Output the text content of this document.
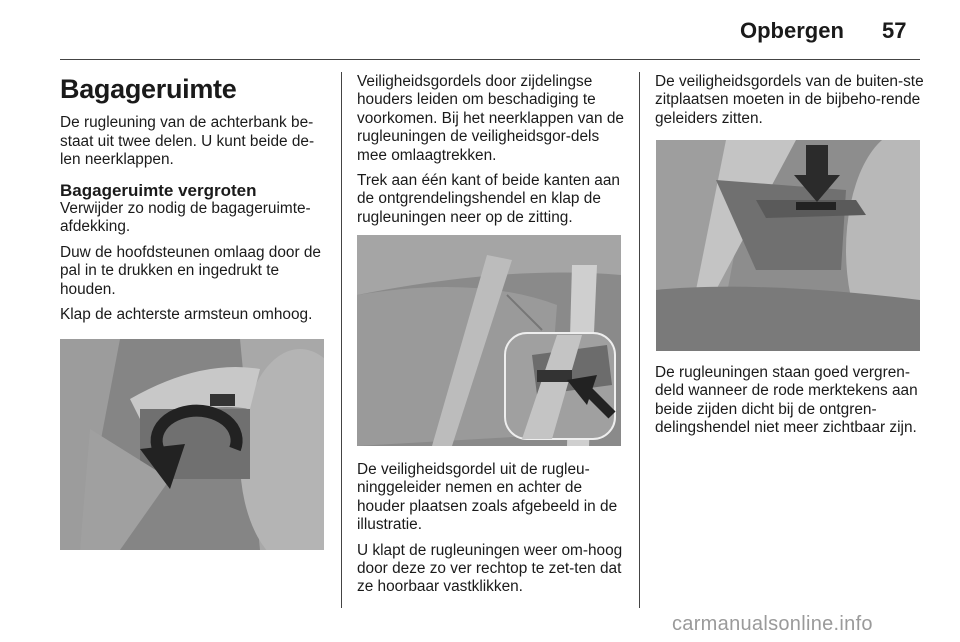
Opbergen 57
Bagageruimte

De rugleuning van de achterbank be-staat uit twee delen. U kunt beide de-len neerklappen.

Bagageruimte vergroten

Verwijder zo nodig de bagageruimte-afdekking.

Duw de hoofdsteunen omlaag door de pal in te drukken en ingedrukt te houden.

Klap de achterste armsteun omhoog.

Veiligheidsgordels door zijdelingse houders leiden om beschadiging te voorkomen. Bij het neerklappen van de rugleuningen de veiligheidsgor-dels mee omlaagtrekken.

Trek aan één kant of beide kanten aan de ontgrendelingshendel en klap de rugleuningen neer op de zitting.

De veiligheidsgordel uit de rugleu-ninggeleider nemen en achter de houder plaatsen zoals afgebeeld in de illustratie.

U klapt de rugleuningen weer om-hoog door deze zo ver rechtop te zet-ten dat ze hoorbaar vastklikken.

De veiligheidsgordels van de buiten-ste zitplaatsen moeten in de bijbeho-rende geleiders zitten.

De rugleuningen staan goed vergren-deld wanneer de rode merktekens aan beide zijden dicht bij de ontgren-delingshendel niet meer zichtbaar zijn.

carmanualsonline.info
